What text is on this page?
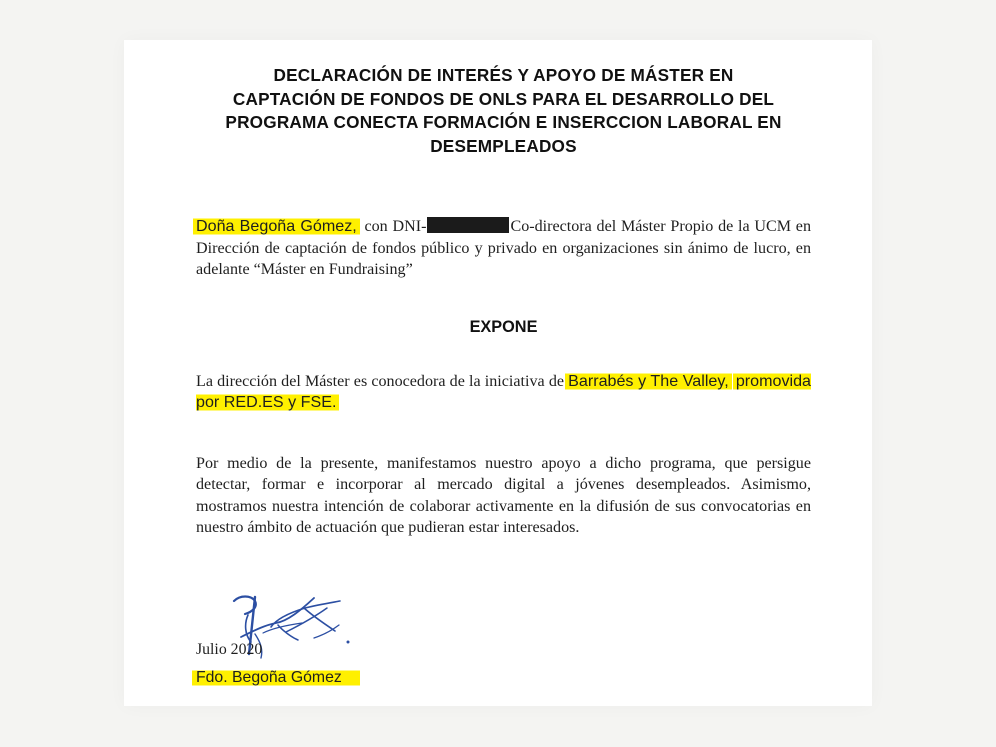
DECLARACIÓN DE INTERÉS Y APOYO DE MÁSTER EN
CAPTACIÓN DE FONDOS DE ONLS PARA EL DESARROLLO DEL
PROGRAMA CONECTA FORMACIÓN E INSERCCION LABORAL EN
DESEMPLEADOS

Doña Begoña Gómez, con DNI-	Co-directora del Máster Propio de la UCM en Dirección de captación de fondos público y privado en organizaciones sin ánimo de lucro, en adelante “Máster en Fundraising”

EXPONE

La dirección del Máster es conocedora de la iniciativa de Barrabés y The Valley, promovida por RED.ES y FSE.

Por medio de la presente, manifestamos nuestro apoyo a dicho programa, que persigue detectar, formar e incorporar al mercado digital a jóvenes desempleados. Asimismo, mostramos nuestra intención de colaborar activamente en la difusión de sus convocatorias en nuestro ámbito de actuación que pudieran estar interesados.

Julio 2020
Fdo. Begoña Gómez
